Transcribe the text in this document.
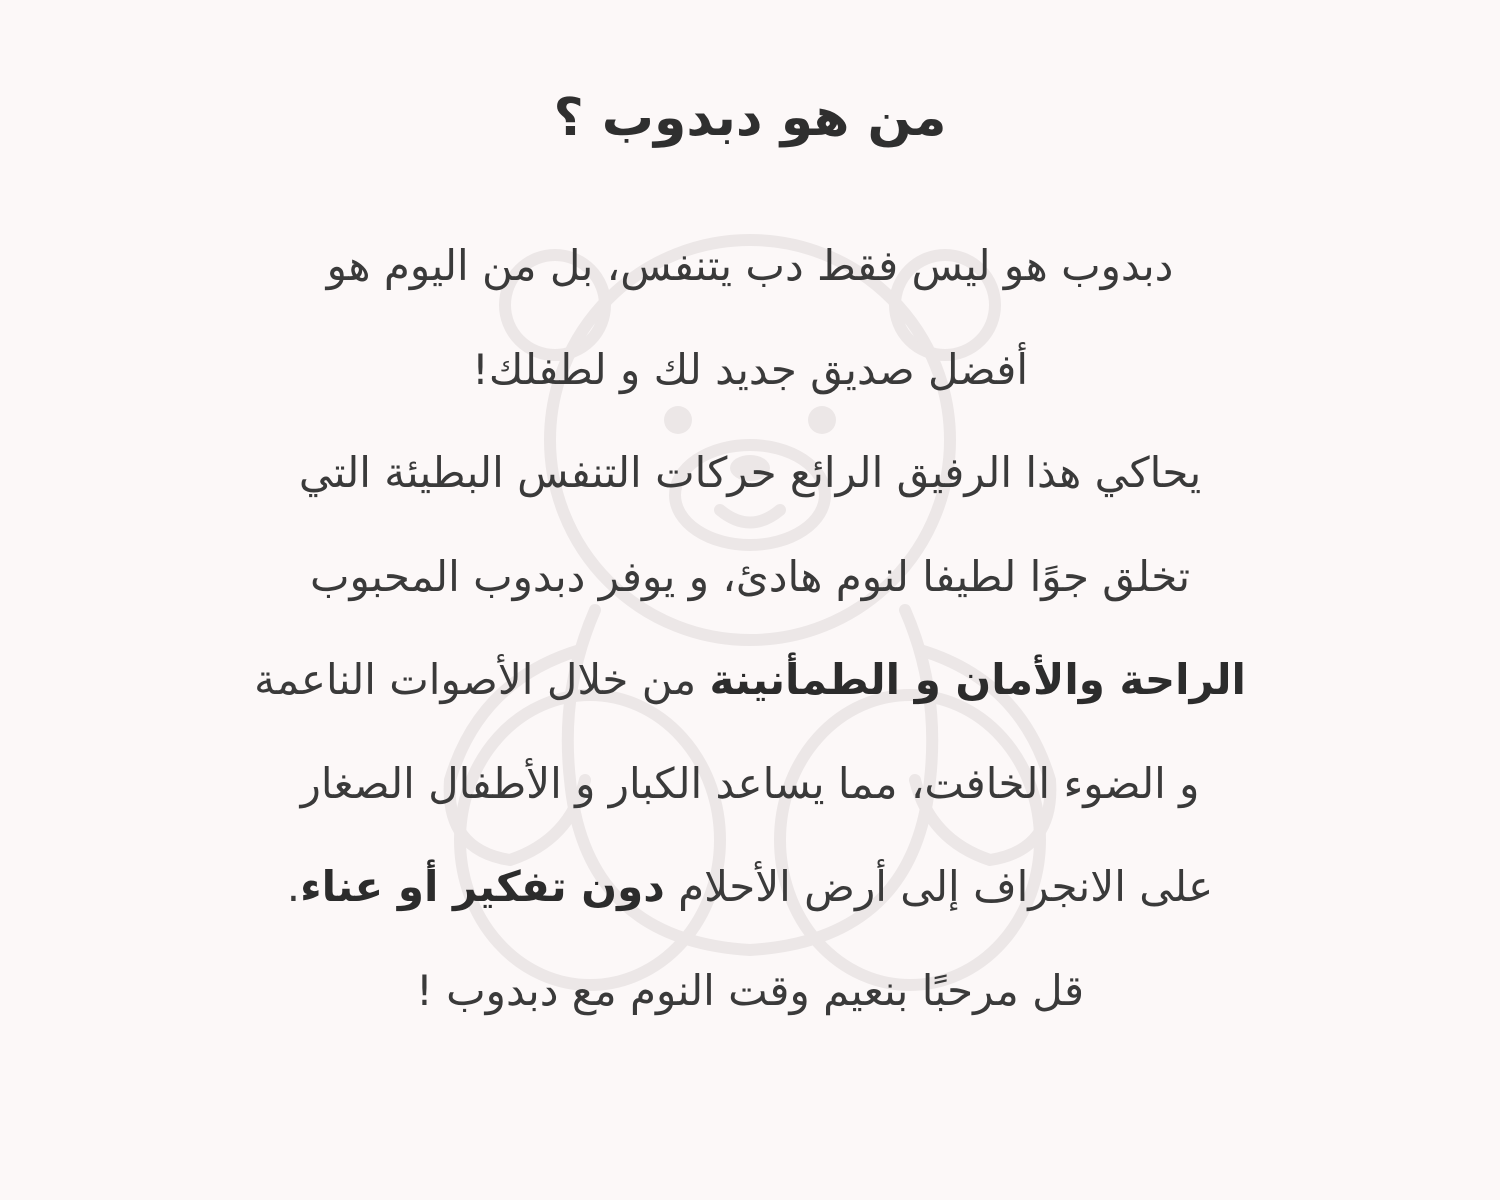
من هو دبدوب ؟
دبدوب هو ليس فقط دب يتنفس، بل من اليوم هو
أفضل صديق جديد لك و لطفلك!
يحاكي هذا الرفيق الرائع حركات التنفس البطيئة التي
تخلق جوًا لطيفا لنوم هادئ، و يوفر دبدوب المحبوب
الراحة والأمان و الطمأنينة من خلال الأصوات الناعمة
و الضوء الخافت، مما يساعد الكبار و الأطفال الصغار
على الانجراف إلى أرض الأحلام دون تفكير أو عناء.
قل مرحبًا بنعيم وقت النوم مع دبدوب !
